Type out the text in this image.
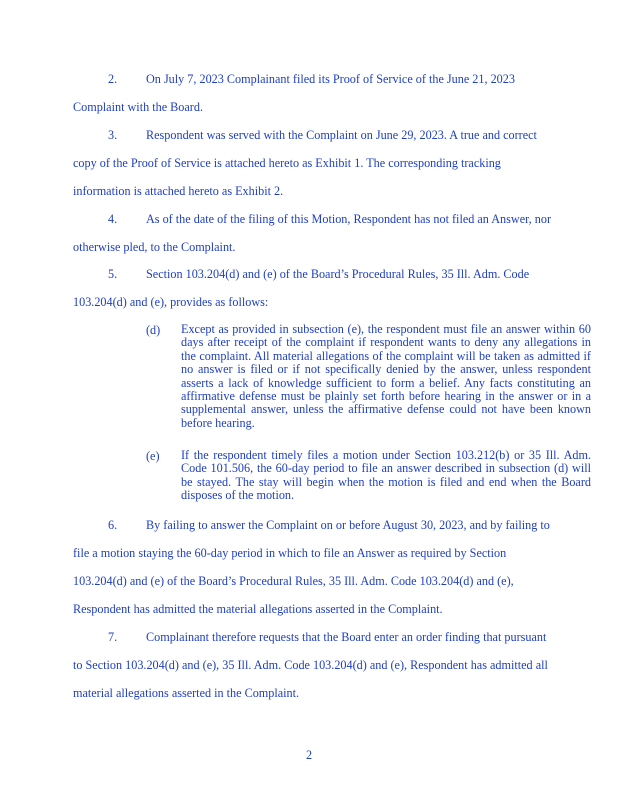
2. On July 7, 2023 Complainant filed its Proof of Service of the June 21, 2023
Complaint with the Board.
3. Respondent was served with the Complaint on June 29, 2023. A true and correct
copy of the Proof of Service is attached hereto as Exhibit 1. The corresponding tracking
information is attached hereto as Exhibit 2.
4. As of the date of the filing of this Motion, Respondent has not filed an Answer, nor
otherwise pled, to the Complaint.
5. Section 103.204(d) and (e) of the Board’s Procedural Rules, 35 Ill. Adm. Code
103.204(d) and (e), provides as follows:
(d) Except as provided in subsection (e), the respondent must file an answer within 60 days after receipt of the complaint if respondent wants to deny any allegations in the complaint. All material allegations of the complaint will be taken as admitted if no answer is filed or if not specifically denied by the answer, unless respondent asserts a lack of knowledge sufficient to form a belief. Any facts constituting an affirmative defense must be plainly set forth before hearing in the answer or in a supplemental answer, unless the affirmative defense could not have been known before hearing.
(e) If the respondent timely files a motion under Section 103.212(b) or 35 Ill. Adm. Code 101.506, the 60-day period to file an answer described in subsection (d) will be stayed. The stay will begin when the motion is filed and end when the Board disposes of the motion.
6. By failing to answer the Complaint on or before August 30, 2023, and by failing to
file a motion staying the 60-day period in which to file an Answer as required by Section
103.204(d) and (e) of the Board’s Procedural Rules, 35 Ill. Adm. Code 103.204(d) and (e),
Respondent has admitted the material allegations asserted in the Complaint.
7. Complainant therefore requests that the Board enter an order finding that pursuant
to Section 103.204(d) and (e), 35 Ill. Adm. Code 103.204(d) and (e), Respondent has admitted all
material allegations asserted in the Complaint.
2
